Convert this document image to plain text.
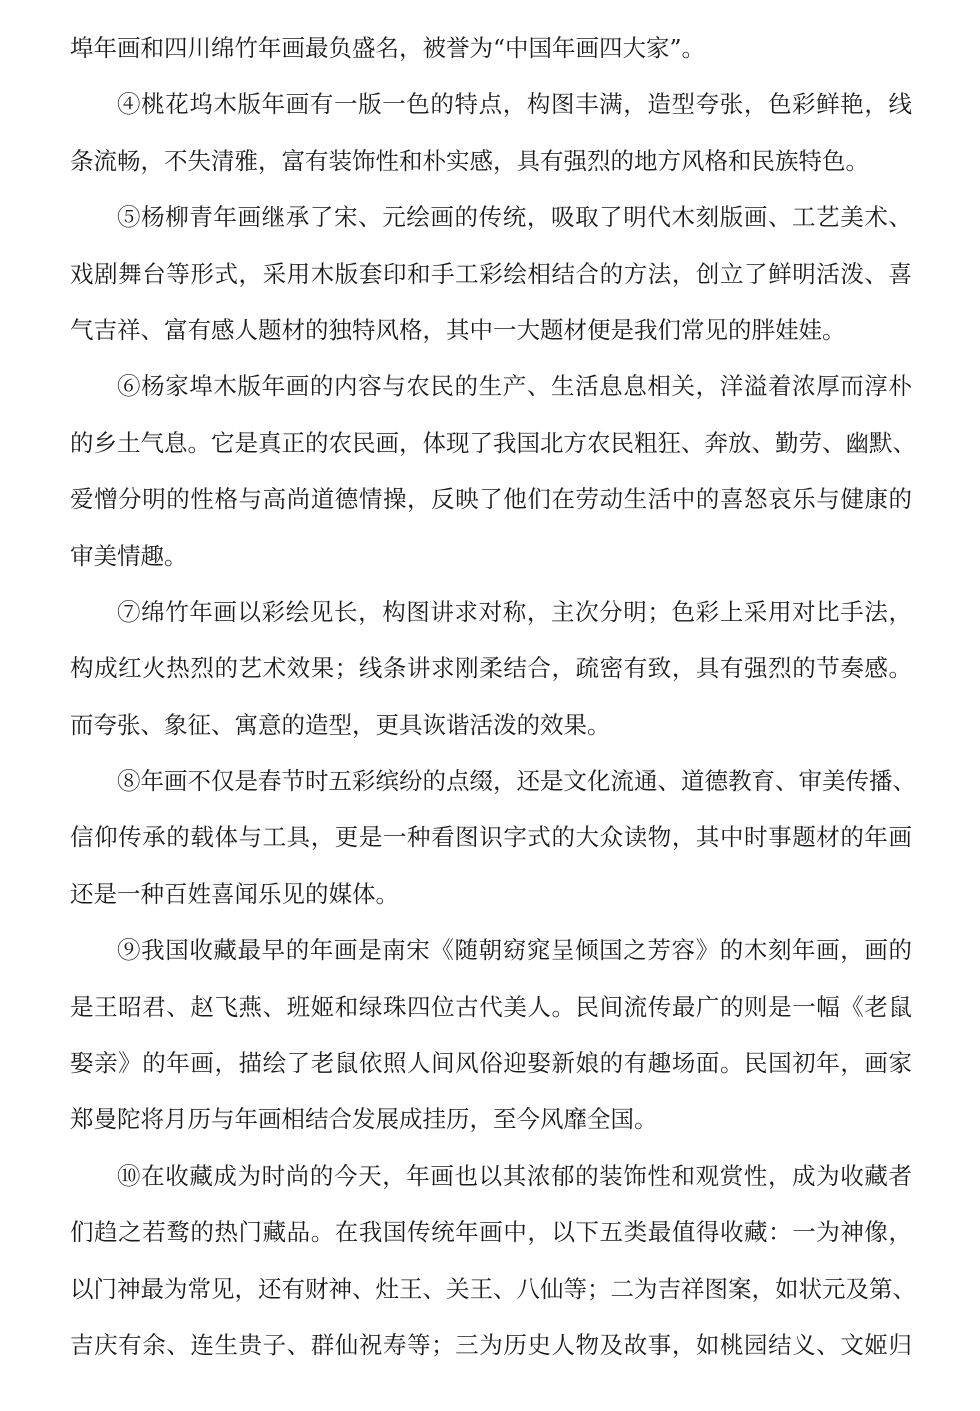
埠年画和四川绵竹年画最负盛名，被誉为“中国年画四大家”。
④桃花坞木版年画有一版一色的特点，构图丰满，造型夸张，色彩鲜艳，线
条流畅，不失清雅，富有装饰性和朴实感，具有强烈的地方风格和民族特色。
⑤杨柳青年画继承了宋、元绘画的传统，吸取了明代木刻版画、工艺美术、
戏剧舞台等形式，采用木版套印和手工彩绘相结合的方法，创立了鲜明活泼、喜
气吉祥、富有感人题材的独特风格，其中一大题材便是我们常见的胖娃娃。
⑥杨家埠木版年画的内容与农民的生产、生活息息相关，洋溢着浓厚而淳朴
的乡土气息。它是真正的农民画，体现了我国北方农民粗狂、奔放、勤劳、幽默、
爱憎分明的性格与高尚道德情操，反映了他们在劳动生活中的喜怒哀乐与健康的
审美情趣。
⑦绵竹年画以彩绘见长，构图讲求对称，主次分明；色彩上采用对比手法，
构成红火热烈的艺术效果；线条讲求刚柔结合，疏密有致，具有强烈的节奏感。
而夸张、象征、寓意的造型，更具诙谐活泼的效果。
⑧年画不仅是春节时五彩缤纷的点缀，还是文化流通、道德教育、审美传播、
信仰传承的载体与工具，更是一种看图识字式的大众读物，其中时事题材的年画
还是一种百姓喜闻乐见的媒体。
⑨我国收藏最早的年画是南宋《随朝窈窕呈倾国之芳容》的木刻年画，画的
是王昭君、赵飞燕、班姬和绿珠四位古代美人。民间流传最广的则是一幅《老鼠
娶亲》的年画，描绘了老鼠依照人间风俗迎娶新娘的有趣场面。民国初年，画家
郑曼陀将月历与年画相结合发展成挂历，至今风靡全国。
⑩在收藏成为时尚的今天，年画也以其浓郁的装饰性和观赏性，成为收藏者
们趋之若鹜的热门藏品。在我国传统年画中，以下五类最值得收藏：一为神像，
以门神最为常见，还有财神、灶王、关王、八仙等；二为吉祥图案，如状元及第、
吉庆有余、连生贵子、群仙祝寿等；三为历史人物及故事，如桃园结义、文姬归
